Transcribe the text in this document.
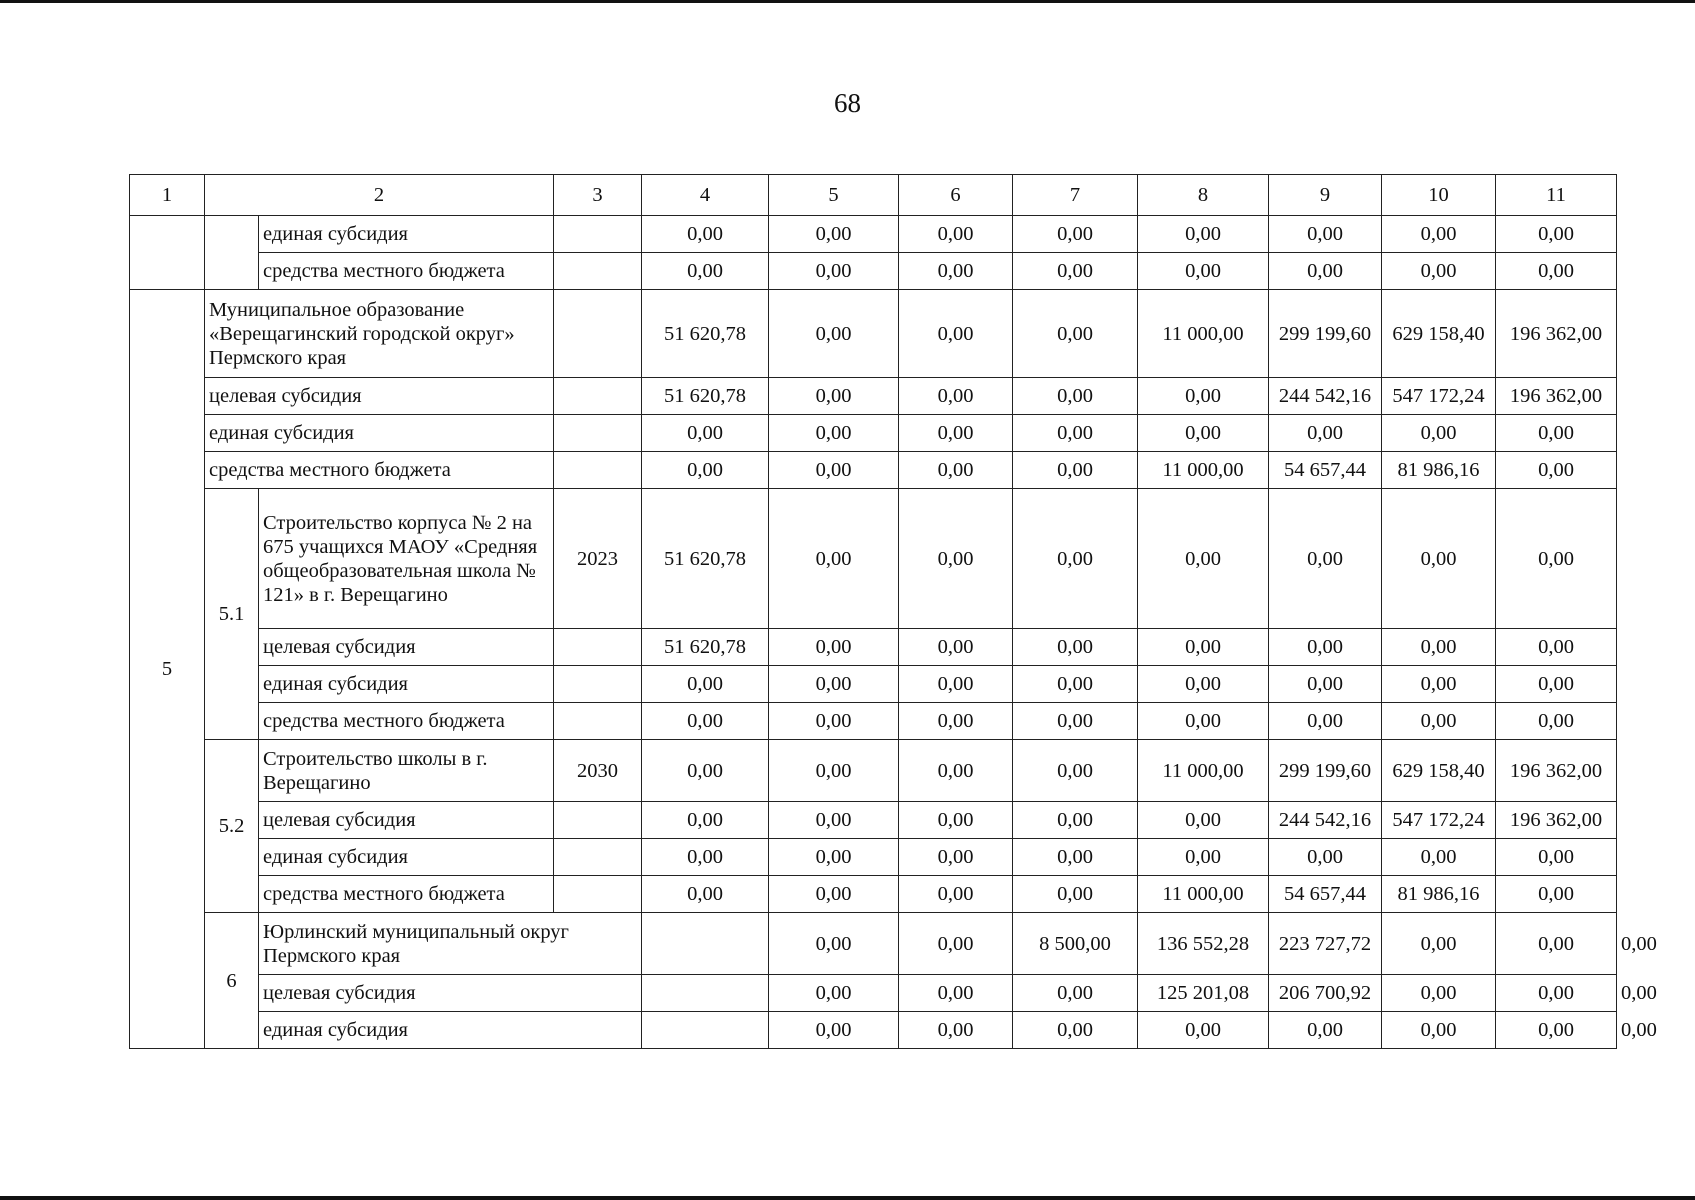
68
1	2		3	4	5	6	7	8	9	10	11	
		единая субсидия		0,00	0,00	0,00	0,00	0,00	0,00	0,00	0,00	
		средства местного бюджета		0,00	0,00	0,00	0,00	0,00	0,00	0,00	0,00	
5	Муниципальное образование «Верещагинский городской округ» Пермского края			51 620,78	0,00	0,00	0,00	11 000,00	299 199,60	629 158,40	196 362,00	
	целевая субсидия			51 620,78	0,00	0,00	0,00	0,00	244 542,16	547 172,24	196 362,00	
	единая субсидия			0,00	0,00	0,00	0,00	0,00	0,00	0,00	0,00	
	средства местного бюджета			0,00	0,00	0,00	0,00	11 000,00	54 657,44	81 986,16	0,00	
	5.1	Строительство корпуса № 2 на 675 учащихся МАОУ «Средняя общеобразовательная школа № 121» в г. Верещагино	2023	51 620,78	0,00	0,00	0,00	0,00	0,00	0,00	0,00	
		целевая субсидия		51 620,78	0,00	0,00	0,00	0,00	0,00	0,00	0,00	
		единая субсидия		0,00	0,00	0,00	0,00	0,00	0,00	0,00	0,00	
		средства местного бюджета		0,00	0,00	0,00	0,00	0,00	0,00	0,00	0,00	
	5.2	Строительство школы в г. Верещагино	2030	0,00	0,00	0,00	0,00	11 000,00	299 199,60	629 158,40	196 362,00	
		целевая субсидия		0,00	0,00	0,00	0,00	0,00	244 542,16	547 172,24	196 362,00	
		единая субсидия		0,00	0,00	0,00	0,00	0,00	0,00	0,00	0,00	
		средства местного бюджета		0,00	0,00	0,00	0,00	11 000,00	54 657,44	81 986,16	0,00	
	6	Юрлинский муниципальный округ Пермского края			0,00	0,00	8 500,00	136 552,28	223 727,72	0,00	0,00	0,00
		целевая субсидия			0,00	0,00	0,00	125 201,08	206 700,92	0,00	0,00	0,00
		единая субсидия			0,00	0,00	0,00	0,00	0,00	0,00	0,00	0,00
